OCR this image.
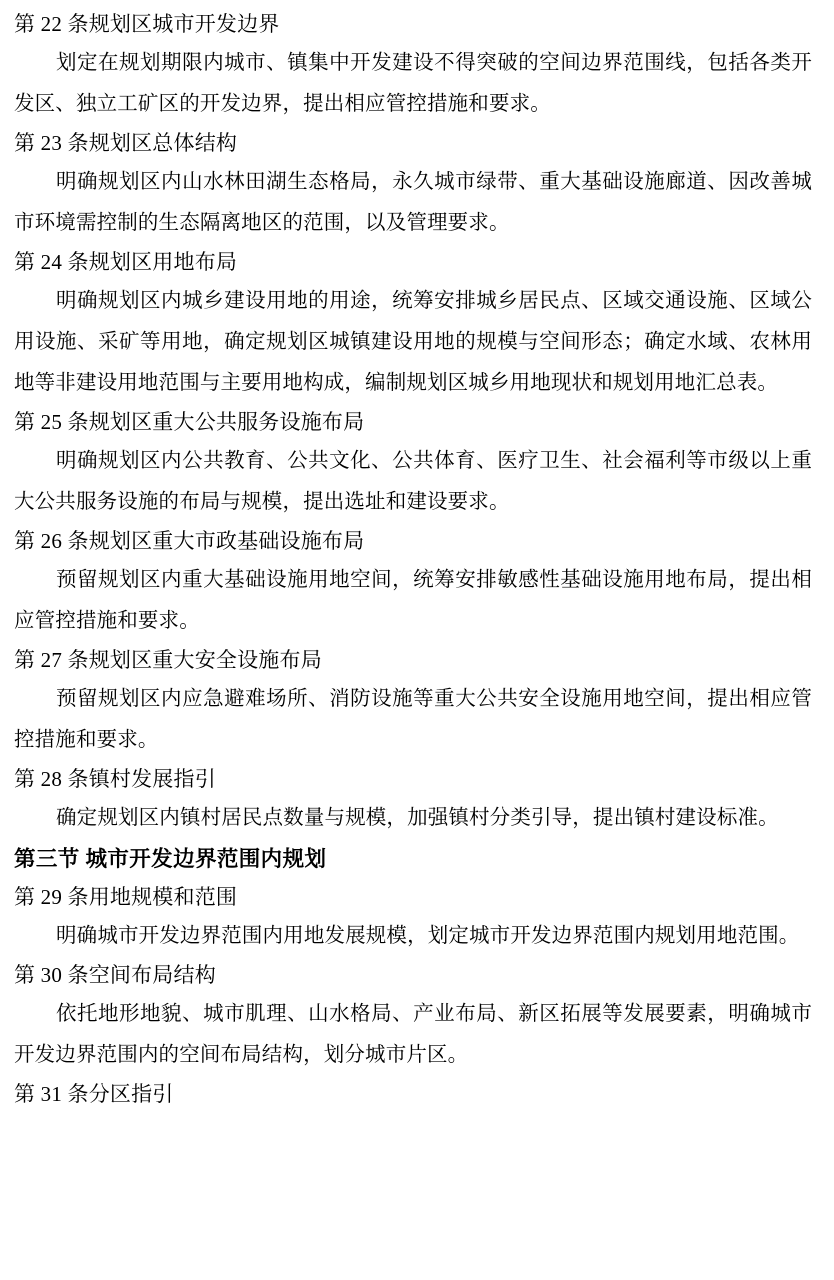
第 22 条规划区城市开发边界
划定在规划期限内城市、镇集中开发建设不得突破的空间边界范围线，包括各类开发区、独立工矿区的开发边界，提出相应管控措施和要求。
第 23 条规划区总体结构
明确规划区内山水林田湖生态格局，永久城市绿带、重大基础设施廊道、因改善城市环境需控制的生态隔离地区的范围，以及管理要求。
第 24 条规划区用地布局
明确规划区内城乡建设用地的用途，统筹安排城乡居民点、区域交通设施、区域公用设施、采矿等用地，确定规划区城镇建设用地的规模与空间形态；确定水域、农林用地等非建设用地范围与主要用地构成，编制规划区城乡用地现状和规划用地汇总表。
第 25 条规划区重大公共服务设施布局
明确规划区内公共教育、公共文化、公共体育、医疗卫生、社会福利等市级以上重大公共服务设施的布局与规模，提出选址和建设要求。
第 26 条规划区重大市政基础设施布局
预留规划区内重大基础设施用地空间，统筹安排敏感性基础设施用地布局，提出相应管控措施和要求。
第 27 条规划区重大安全设施布局
预留规划区内应急避难场所、消防设施等重大公共安全设施用地空间，提出相应管控措施和要求。
第 28 条镇村发展指引
确定规划区内镇村居民点数量与规模，加强镇村分类引导，提出镇村建设标准。
第三节 城市开发边界范围内规划
第 29 条用地规模和范围
明确城市开发边界范围内用地发展规模，划定城市开发边界范围内规划用地范围。
第 30 条空间布局结构
依托地形地貌、城市肌理、山水格局、产业布局、新区拓展等发展要素，明确城市开发边界范围内的空间布局结构，划分城市片区。
第 31 条分区指引
